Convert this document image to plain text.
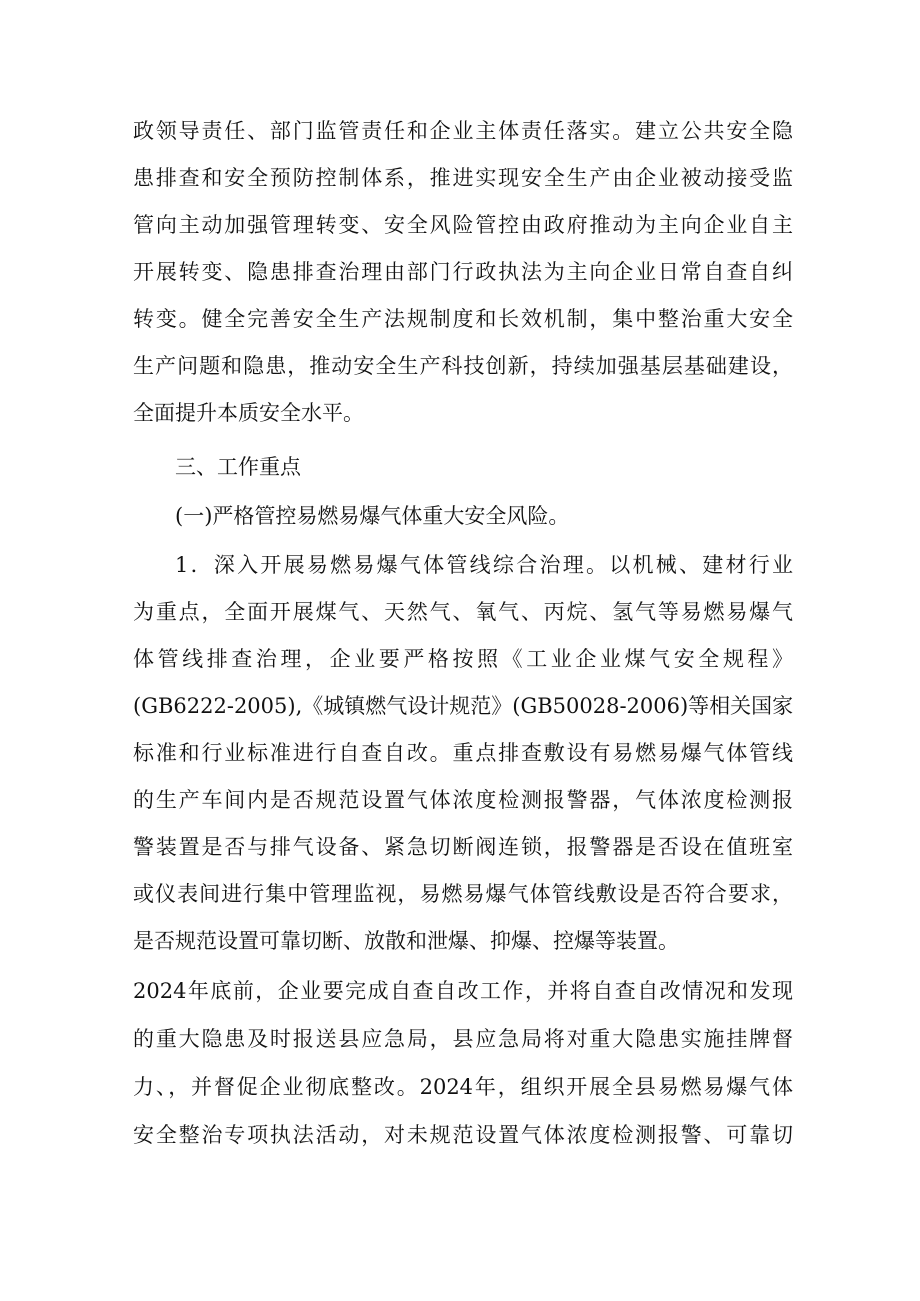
政领导责任、部门监管责任和企业主体责任落实。建立公共安全隐
患排查和安全预防控制体系，推进实现安全生产由企业被动接受监
管向主动加强管理转变、安全风险管控由政府推动为主向企业自主
开展转变、隐患排查治理由部门行政执法为主向企业日常自查自纠
转变。健全完善安全生产法规制度和长效机制，集中整治重大安全
生产问题和隐患，推动安全生产科技创新，持续加强基层基础建设，
全面提升本质安全水平。
三、工作重点
(一)严格管控易燃易爆气体重大安全风险。
1．深入开展易燃易爆气体管线综合治理。以机械、建材行业
为重点，全面开展煤气、天然气、氧气、丙烷、氢气等易燃易爆气
体管线排查治理，企业要严格按照《工业企业煤气安全规程》
(GB6222-2005),《城镇燃气设计规范》(GB50028-2006)等相关国家
标准和行业标准进行自查自改。重点排查敷设有易燃易爆气体管线
的生产车间内是否规范设置气体浓度检测报警器，气体浓度检测报
警装置是否与排气设备、紧急切断阀连锁，报警器是否设在值班室
或仪表间进行集中管理监视，易燃易爆气体管线敷设是否符合要求，
是否规范设置可靠切断、放散和泄爆、抑爆、控爆等装置。
2024年底前，企业要完成自查自改工作，并将自查自改情况和发现
的重大隐患及时报送县应急局，县应急局将对重大隐患实施挂牌督
力、，并督促企业彻底整改。2024年，组织开展全县易燃易爆气体
安全整治专项执法活动，对未规范设置气体浓度检测报警、可靠切
